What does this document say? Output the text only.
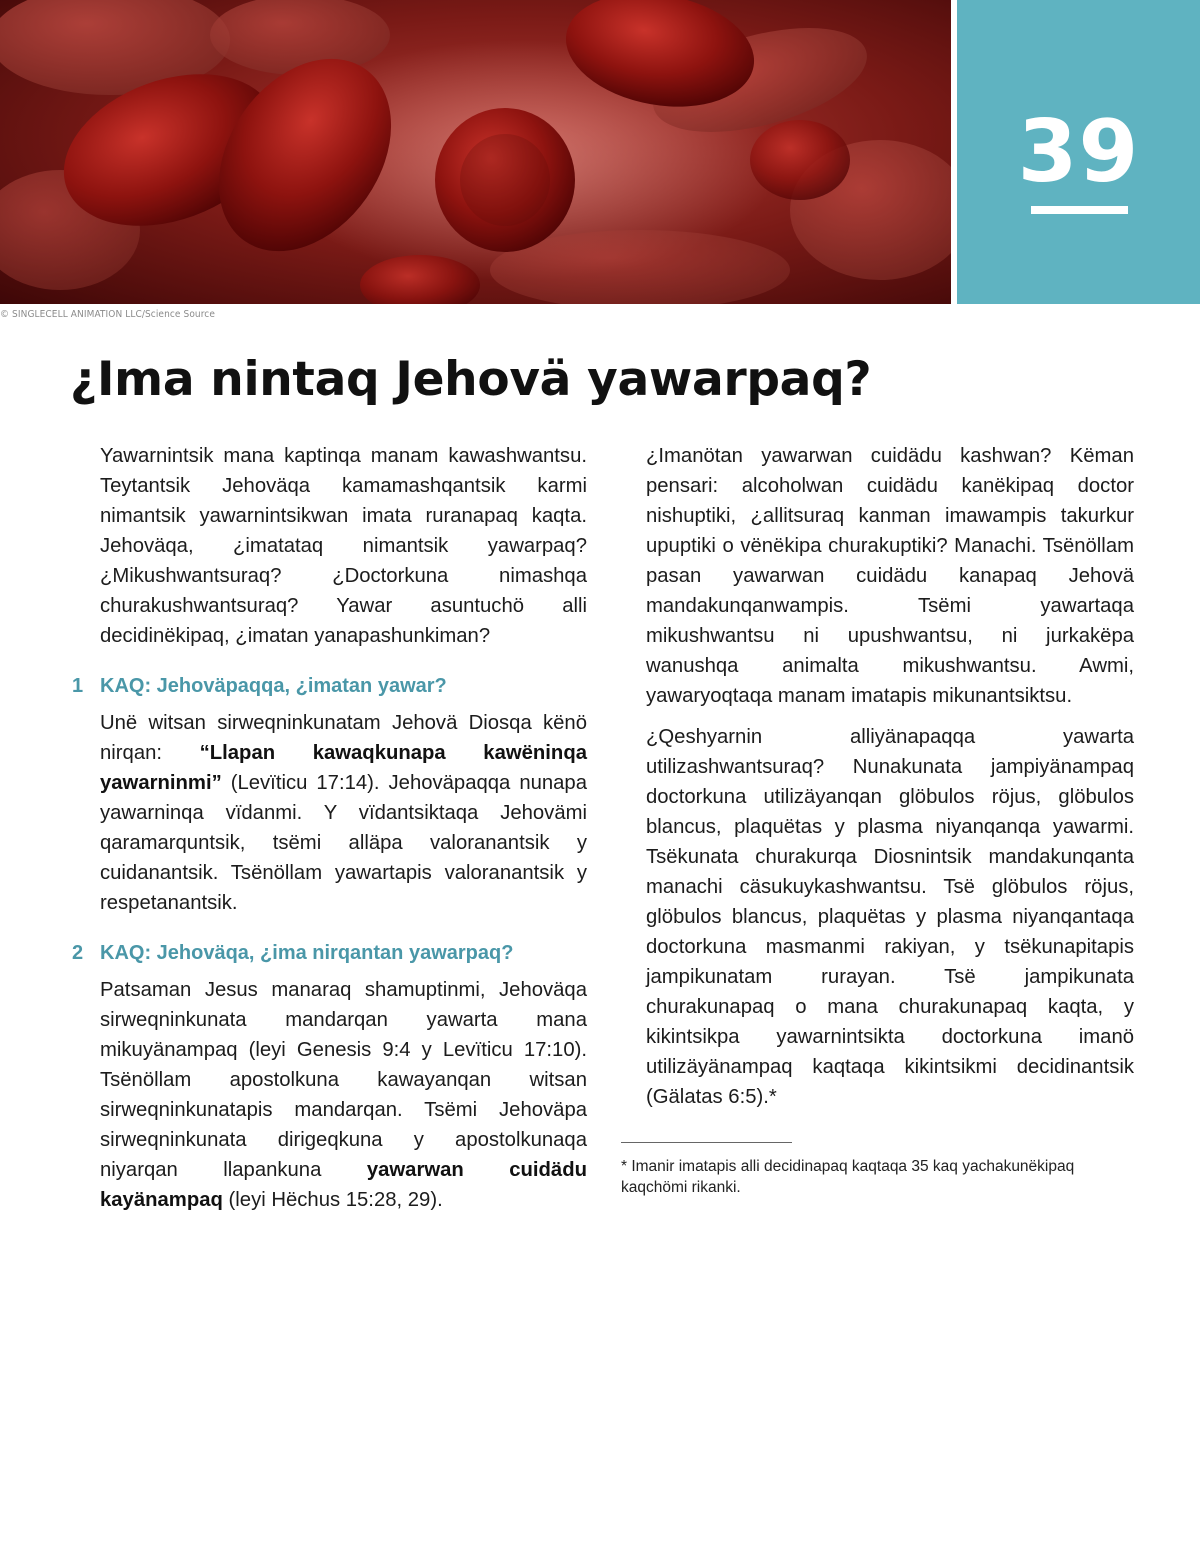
39
© SINGLECELL ANIMATION LLC/Science Source
¿Ima nintaq Jehovä yawarpaq?

Yawarnintsik mana kaptinqa manam kawashwantsu. Teytantsik Jehoväqa kamamashqantsik karmi nimantsik yawarnintsikwan imata ruranapaq kaqta. Jehoväqa, ¿imatataq nimantsik yawarpaq? ¿Mikushwantsuraq? ¿Doctorkuna nimashqa churakushwantsuraq? Yawar asuntuchö alli decidinëkipaq, ¿imatan yanapashunkiman?

1 KAQ: Jehoväpaqqa, ¿imatan yawar?

Unë witsan sirweqninkunatam Jehovä Diosqa kënö nirqan: “Llapan kawaqkunapa kawëninqa yawarninmi” (Levïticu 17:14). Jehoväpaqqa nunapa yawarninqa vïdanmi. Y vïdantsiktaqa Jehovämi qaramarquntsik, tsëmi alläpa valoranantsik y cuidanantsik. Tsënöllam yawartapis valoranantsik y respetanantsik.

2 KAQ: Jehoväqa, ¿ima nirqantan yawarpaq?

Patsaman Jesus manaraq shamuptinmi, Jehoväqa sirweqninkunata mandarqan yawarta mana mikuyänampaq (leyi Genesis 9:4 y Levïticu 17:10). Tsënöllam apostolkuna kawayanqan witsan sirweqninkunatapis mandarqan. Tsëmi Jehoväpa sirweqninkunata dirigeqkuna y apostolkunaqa niyarqan llapankuna yawarwan cuidädu kayänampaq (leyi Hëchus 15:28, 29).

¿Imanötan yawarwan cuidädu kashwan? Këman pensari: alcoholwan cuidädu kanëkipaq doctor nishuptiki, ¿allitsuraq kanman imawampis takurkur upuptiki o vënëkipa churakuptiki? Manachi. Tsënöllam pasan yawarwan cuidädu kanapaq Jehovä mandakunqanwampis. Tsëmi yawartaqa mikushwantsu ni upushwantsu, ni jurkakëpa wanushqa animalta mikushwantsu. Awmi, yawaryoqtaqa manam imatapis mikunantsiktsu.

¿Qeshyarnin alliyänapaqqa yawarta utilizashwantsuraq? Nunakunata jampiyänampaq doctorkuna utilizäyanqan glöbulos röjus, glöbulos blancus, plaquëtas y plasma niyanqanqa yawarmi. Tsëkunata churakurqa Diosnintsik mandakunqanta manachi cäsukuykashwantsu. Tsë glöbulos röjus, glöbulos blancus, plaquëtas y plasma niyanqantaqa doctorkuna masmanmi rakiyan, y tsëkunapitapis jampikunatam rurayan. Tsë jampikunata churakunapaq o mana churakunapaq kaqta, y kikintsikpa yawarnintsikta doctorkuna imanö utilizäyänampaq kaqtaqa kikintsikmi decidinantsik (Gälatas 6:5).*

* Imanir imatapis alli decidinapaq kaqtaqa 35 kaq yachakunëkipaq kaqchömi rikanki.
